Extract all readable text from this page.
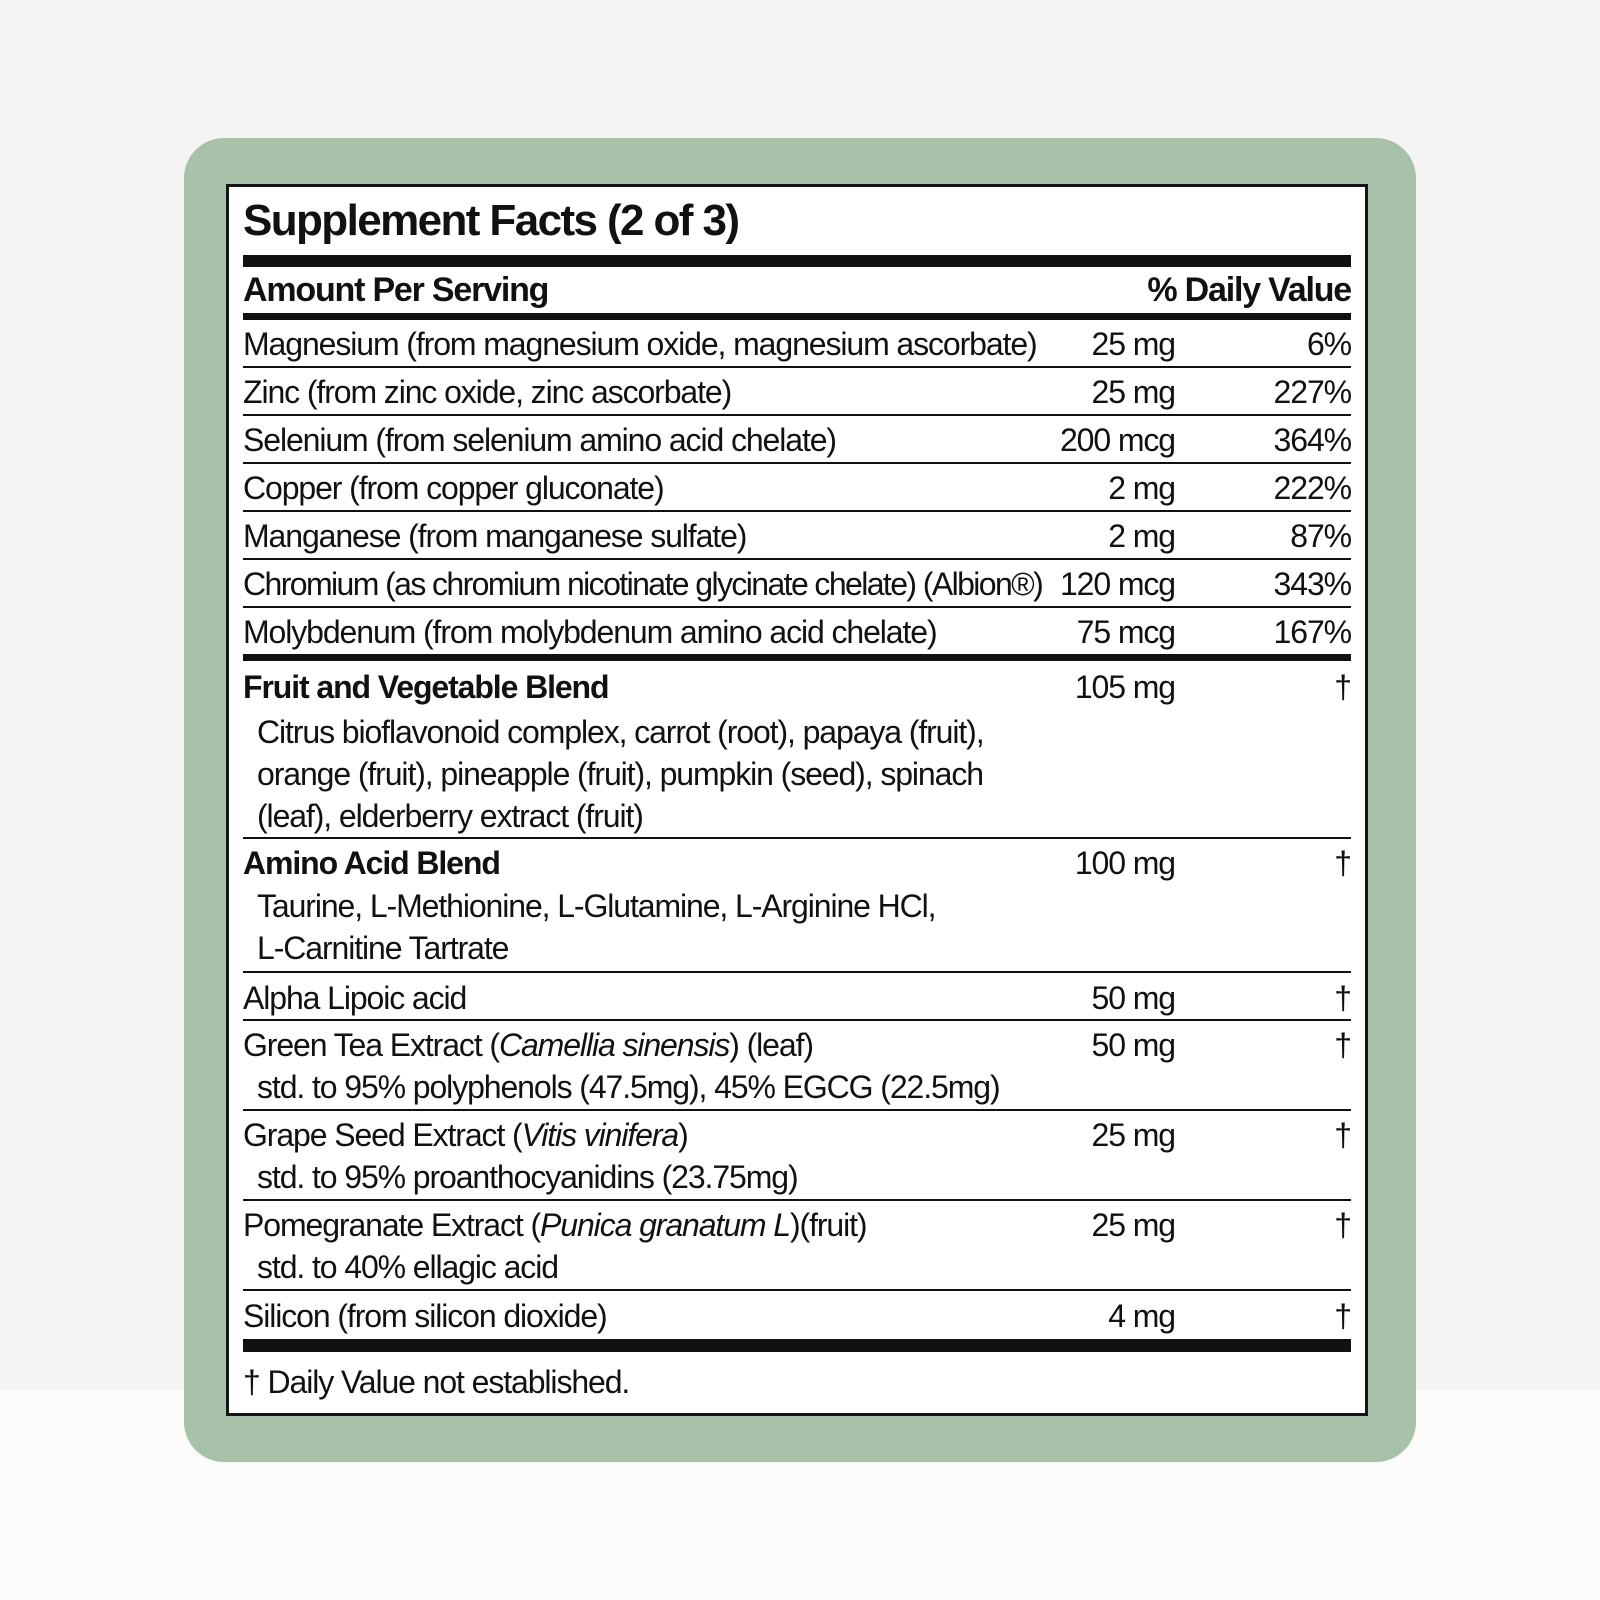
Supplement Facts (2 of 3)
Amount Per Serving	% Daily Value
Magnesium (from magnesium oxide, magnesium ascorbate) 25 mg	6%
Zinc (from zinc oxide, zinc ascorbate)	25 mg	227%
Selenium (from selenium amino acid chelate)	200 mcg	364%
Copper (from copper gluconate)	2 mg	222%
Manganese (from manganese sulfate)	2 mg	87%
Chromium (as chromium nicotinate glycinate chelate) (Albion®) 120 mcg	343%
Molybdenum (from molybdenum amino acid chelate)	75 mcg	167%
Fruit and Vegetable Blend	105 mg	†
Citrus bioflavonoid complex, carrot (root), papaya (fruit),
orange (fruit), pineapple (fruit), pumpkin (seed), spinach
(leaf), elderberry extract (fruit)
Amino Acid Blend	100 mg	†
Taurine, L-Methionine, L-Glutamine, L-Arginine HCl,
L-Carnitine Tartrate
Alpha Lipoic acid	50 mg	†
Green Tea Extract (Camellia sinensis) (leaf)	50 mg	†
std. to 95% polyphenols (47.5mg), 45% EGCG (22.5mg)
Grape Seed Extract (Vitis vinifera)	25 mg	†
std. to 95% proanthocyanidins (23.75mg)
Pomegranate Extract (Punica granatum L)(fruit)	25 mg	†
std. to 40% ellagic acid
Silicon (from silicon dioxide)	4 mg	†
† Daily Value not established.
